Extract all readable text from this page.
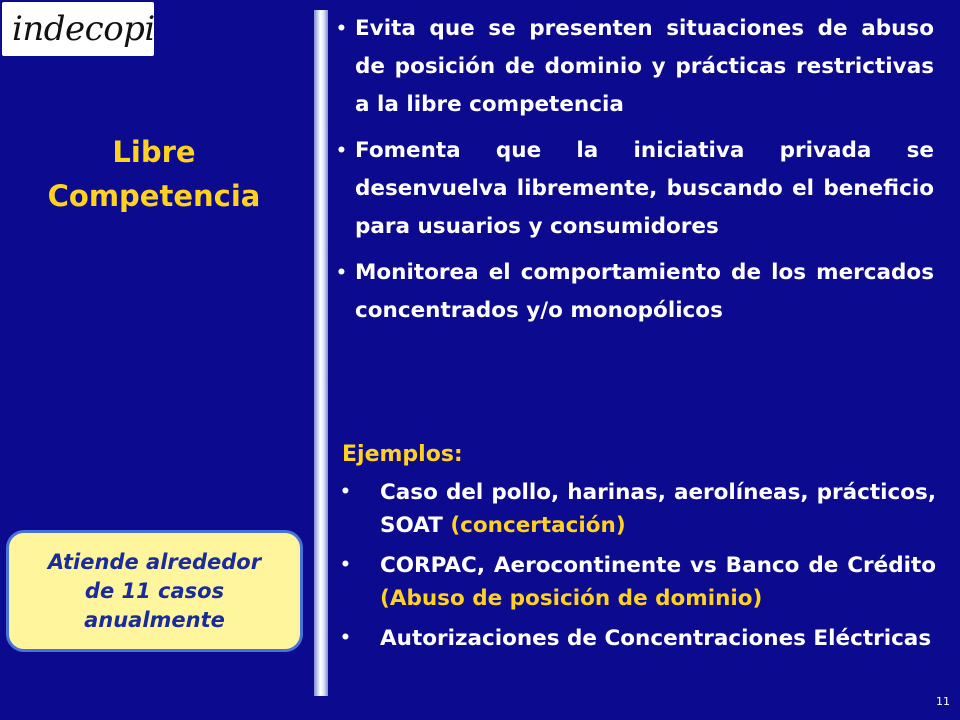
indecopi
Libre
Competencia
Atiende alrededor
de 11 casos
anualmente
• Evita que se presenten situaciones de abuso de posición de dominio y prácticas restrictivas a la libre competencia
• Fomenta que la iniciativa privada se desenvuelva libremente, buscando el beneficio para usuarios y consumidores
• Monitorea el comportamiento de los mercados concentrados y/o monopólicos
Ejemplos:
•	Caso del pollo, harinas, aerolíneas, prácticos, SOAT (concertación)
•	CORPAC, Aerocontinente vs Banco de Crédito (Abuso de posición de dominio)
•	Autorizaciones de Concentraciones Eléctricas
11
